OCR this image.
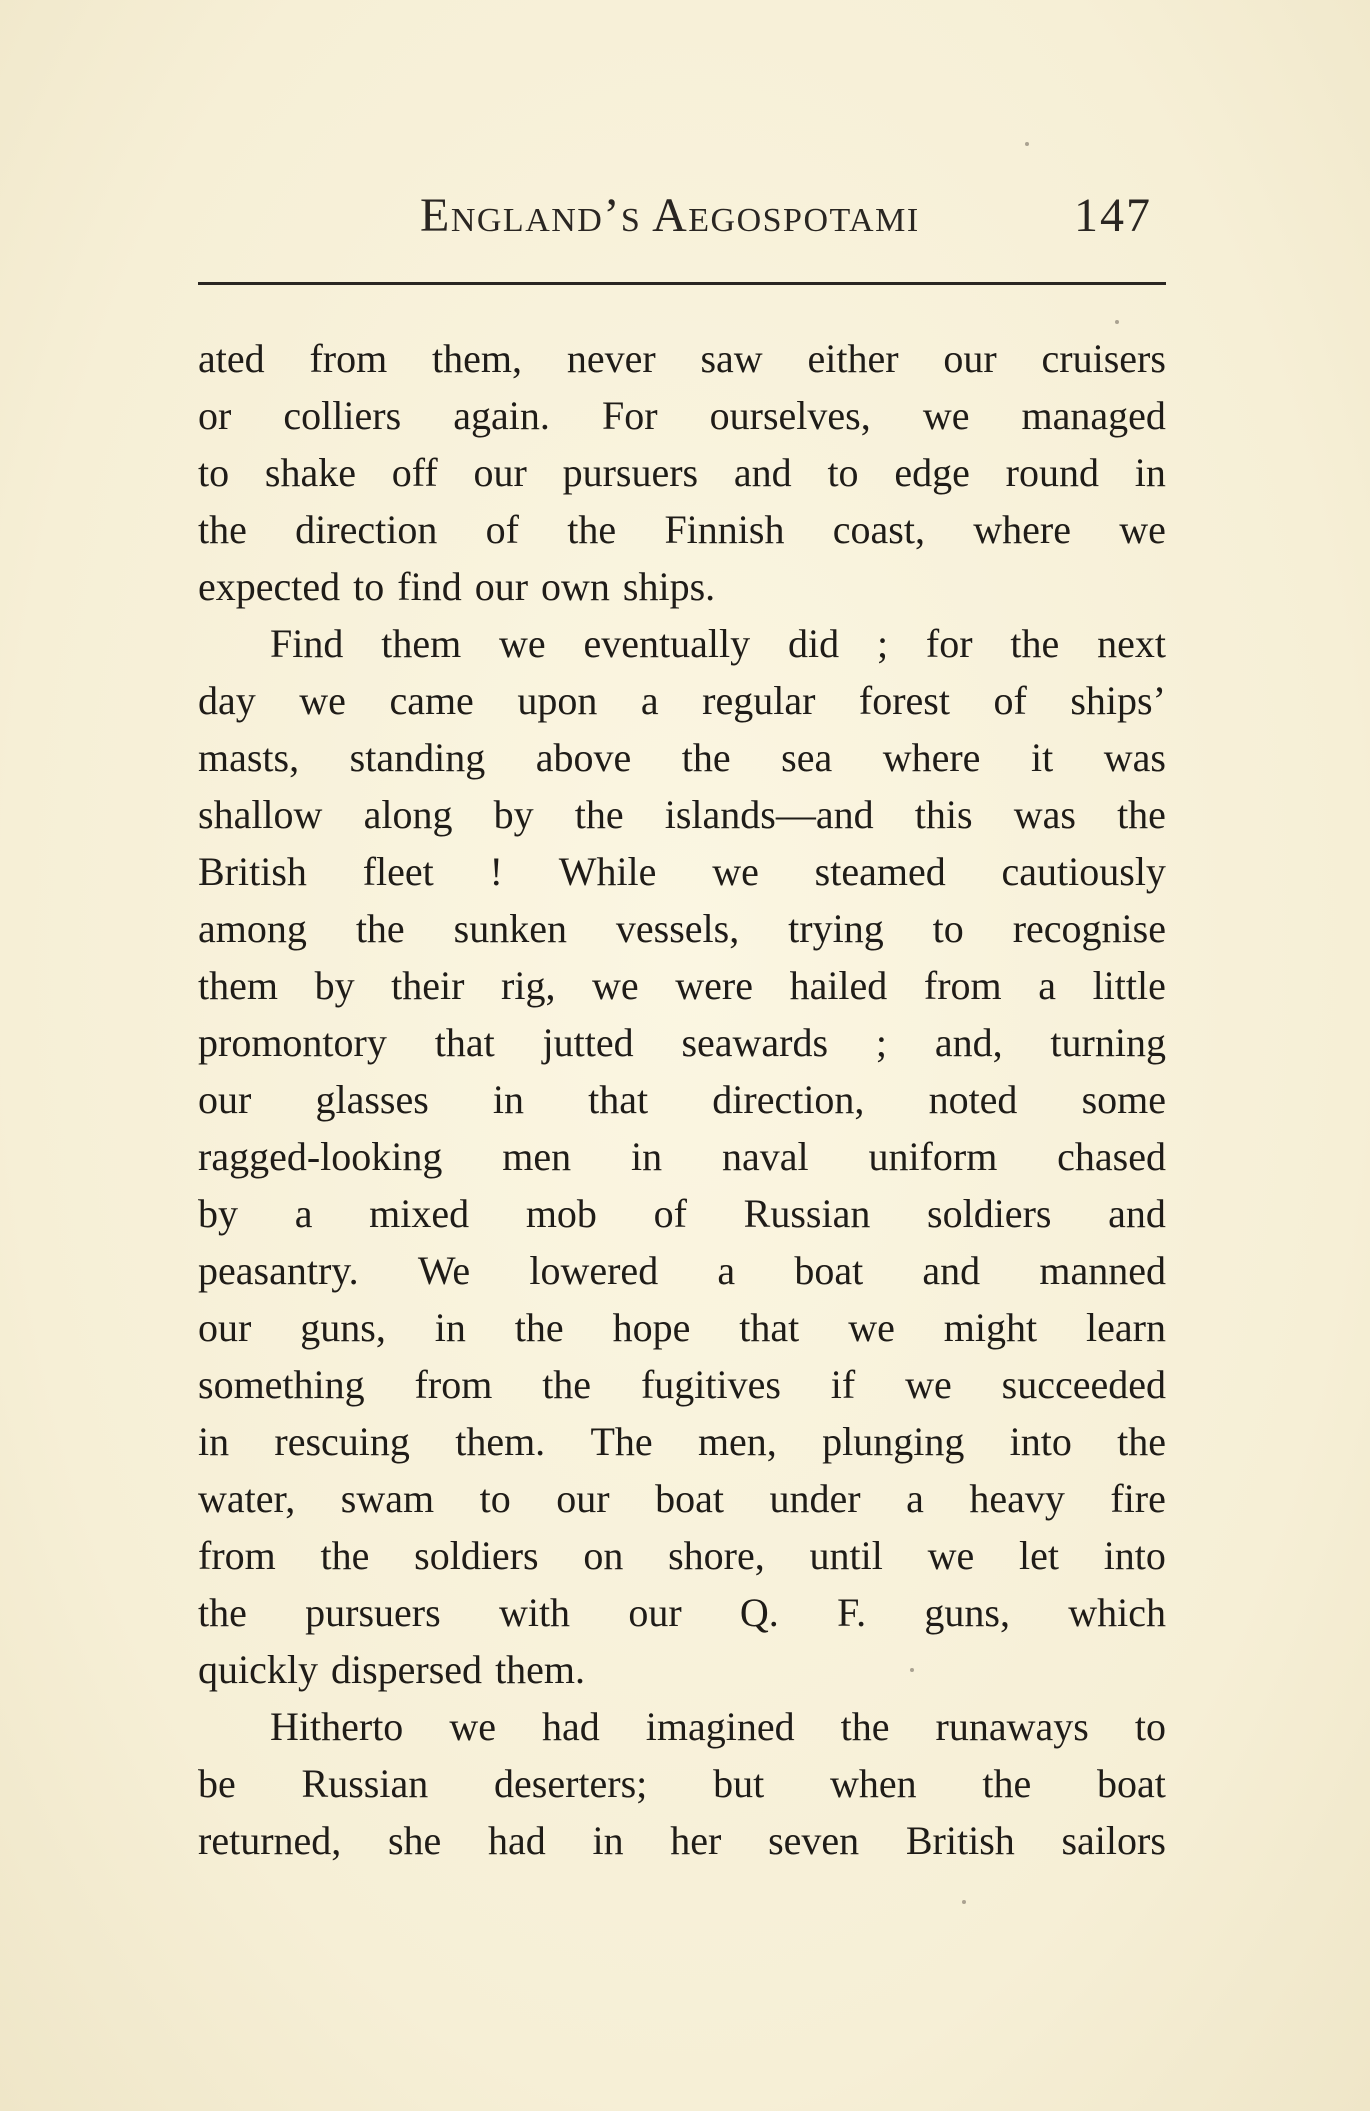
England’s Aegospotami	147
ated from them, never saw either our cruisers
or colliers again. For ourselves, we managed
to shake off our pursuers and to edge round in
the direction of the Finnish coast, where we
expected to find our own ships.
Find them we eventually did ; for the next
day we came upon a regular forest of ships’
masts, standing above the sea where it was
shallow along by the islands—and this was the
British fleet ! While we steamed cautiously
among the sunken vessels, trying to recognise
them by their rig, we were hailed from a little
promontory that jutted seawards ; and, turning
our glasses in that direction, noted some
ragged-looking men in naval uniform chased
by a mixed mob of Russian soldiers and
peasantry. We lowered a boat and manned
our guns, in the hope that we might learn
something from the fugitives if we succeeded
in rescuing them. The men, plunging into the
water, swam to our boat under a heavy fire
from the soldiers on shore, until we let into
the pursuers with our Q. F. guns, which
quickly dispersed them.
Hitherto we had imagined the runaways to
be Russian deserters; but when the boat
returned, she had in her seven British sailors
